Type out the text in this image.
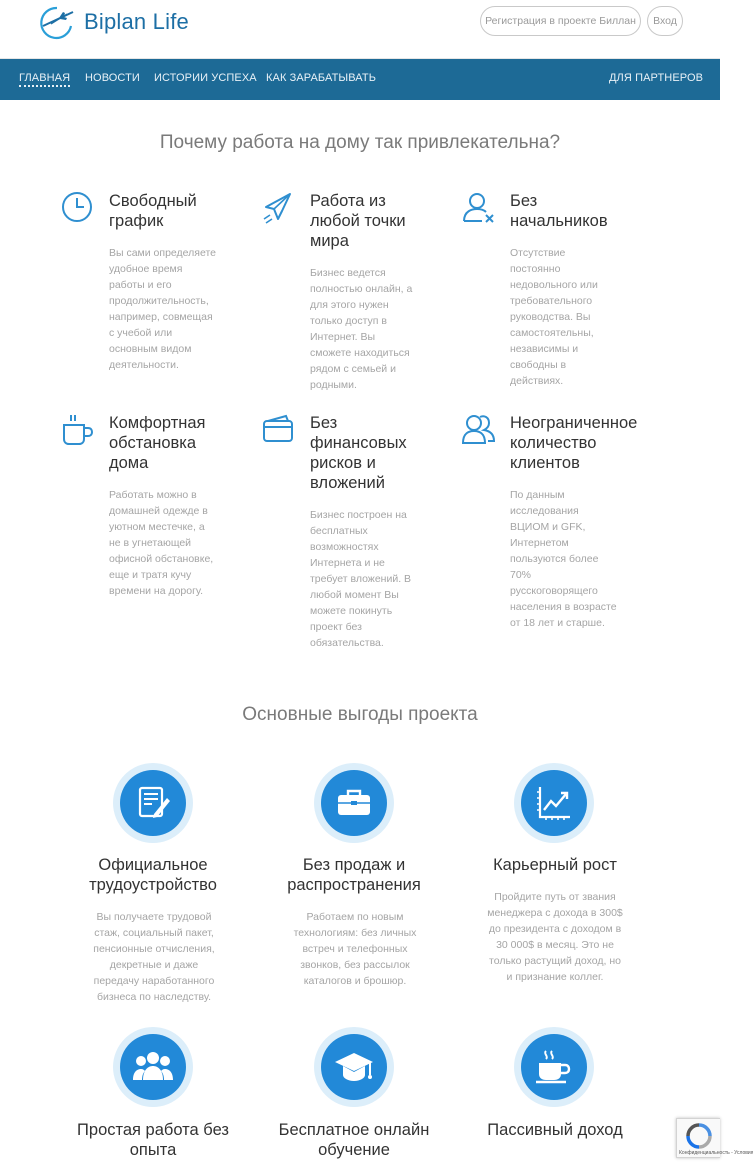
Biplan Life	Регистрация в проекте Биллан	Вход
ГЛАВНАЯ НОВОСТИ ИСТОРИИ УСПЕХА КАК ЗАРАБАТЫВАТЬ	ДЛЯ ПАРТНЕРОВ
Почему работа на дому так привлекательна?
Свободный график
Вы сами определяете удобное время работы и его продолжительность, например, совмещая с учебой или основным видом деятельности.
Работа из любой точки мира
Бизнес ведется полностью онлайн, а для этого нужен только доступ в Интернет. Вы сможете находиться рядом с семьей и родными.
Без начальников
Отсутствие постоянно недовольного или требовательного руководства. Вы самостоятельны, независимы и свободны в действиях.
Комфортная обстановка дома
Работать можно в домашней одежде в уютном местечке, а не в угнетающей офисной обстановке, еще и тратя кучу времени на дорогу.
Без финансовых рисков и вложений
Бизнес построен на бесплатных возможностях Интернета и не требует вложений. В любой момент Вы можете покинуть проект без обязательства.
Неограниченное количество клиентов
По данным исследования ВЦИОМ и GFK, Интернетом пользуются более 70% русскоговорящего населения в возрасте от 18 лет и старше.
Основные выгоды проекта
Официальное трудоустройство
Вы получаете трудовой стаж, социальный пакет, пенсионные отчисления, декретные и даже передачу наработанного бизнеса по наследству.
Без продаж и распространения
Работаем по новым технологиям: без личных встреч и телефонных звонков, без рассылок каталогов и брошюр.
Карьерный рост
Пройдите путь от звания менеджера с дохода в 300$ до президента с доходом в 30 000$ в месяц. Это не только растущий доход, но и признание коллег.
Простая работа без опыта
Бесплатное онлайн обучение
Пассивный доход
Конфиденциальность - Условия
